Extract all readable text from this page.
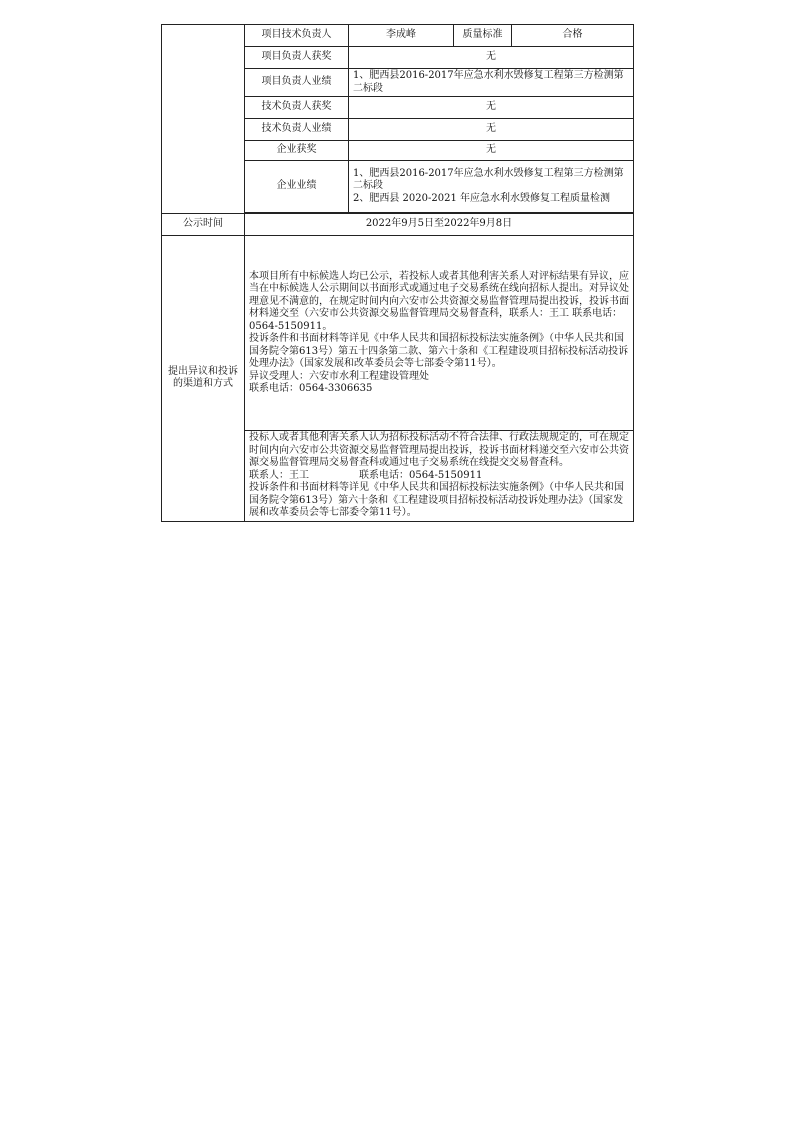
	项目技术负责人	李成峰	质量标准	合格
	项目负责人获奖	无		
	项目负责人业绩	1、肥西县2016-2017年应急水利水毁修复工程第三方检测第二标段		
	技术负责人获奖	无		
	技术负责人业绩	无		
	企业获奖	无		
	企业业绩	1、肥西县2016-2017年应急水利水毁修复工程第三方检测第二标段
2、肥西县 2020-2021 年应急水利水毁修复工程质量检测		

公示时间	2022年9月5日至2022年9月8日			
提出异议和投诉的渠道和方式	本项目所有中标候选人均已公示，若投标人或者其他利害关系人对评标结果有异议，应当在中标候选人公示期间以书面形式或通过电子交易系统在线向招标人提出。对异议处理意见不满意的，在规定时间内向六安市公共资源交易监督管理局提出投诉，投诉书面材料递交至（六安市公共资源交易监督管理局交易督查科，联系人：王工 联系电话：0564-5150911。
投诉条件和书面材料等详见《中华人民共和国招标投标法实施条例》（中华人民共和国国务院令第613号）第五十四条第二款、第六十条和《工程建设项目招标投标活动投诉处理办法》（国家发展和改革委员会等七部委令第11号）。
异议受理人：六安市水利工程建设管理处
联系电话：0564-3306635			
	投标人或者其他利害关系人认为招标投标活动不符合法律、行政法规规定的，可在规定时间内向六安市公共资源交易监督管理局提出投诉，投诉书面材料递交至六安市公共资源交易监督管理局交易督查科或通过电子交易系统在线提交交易督查科。
联系人：王工　　　　　联系电话：0564-5150911
投诉条件和书面材料等详见《中华人民共和国招标投标法实施条例》（中华人民共和国国务院令第613号）第六十条和《工程建设项目招标投标活动投诉处理办法》（国家发展和改革委员会等七部委令第11号）。			
